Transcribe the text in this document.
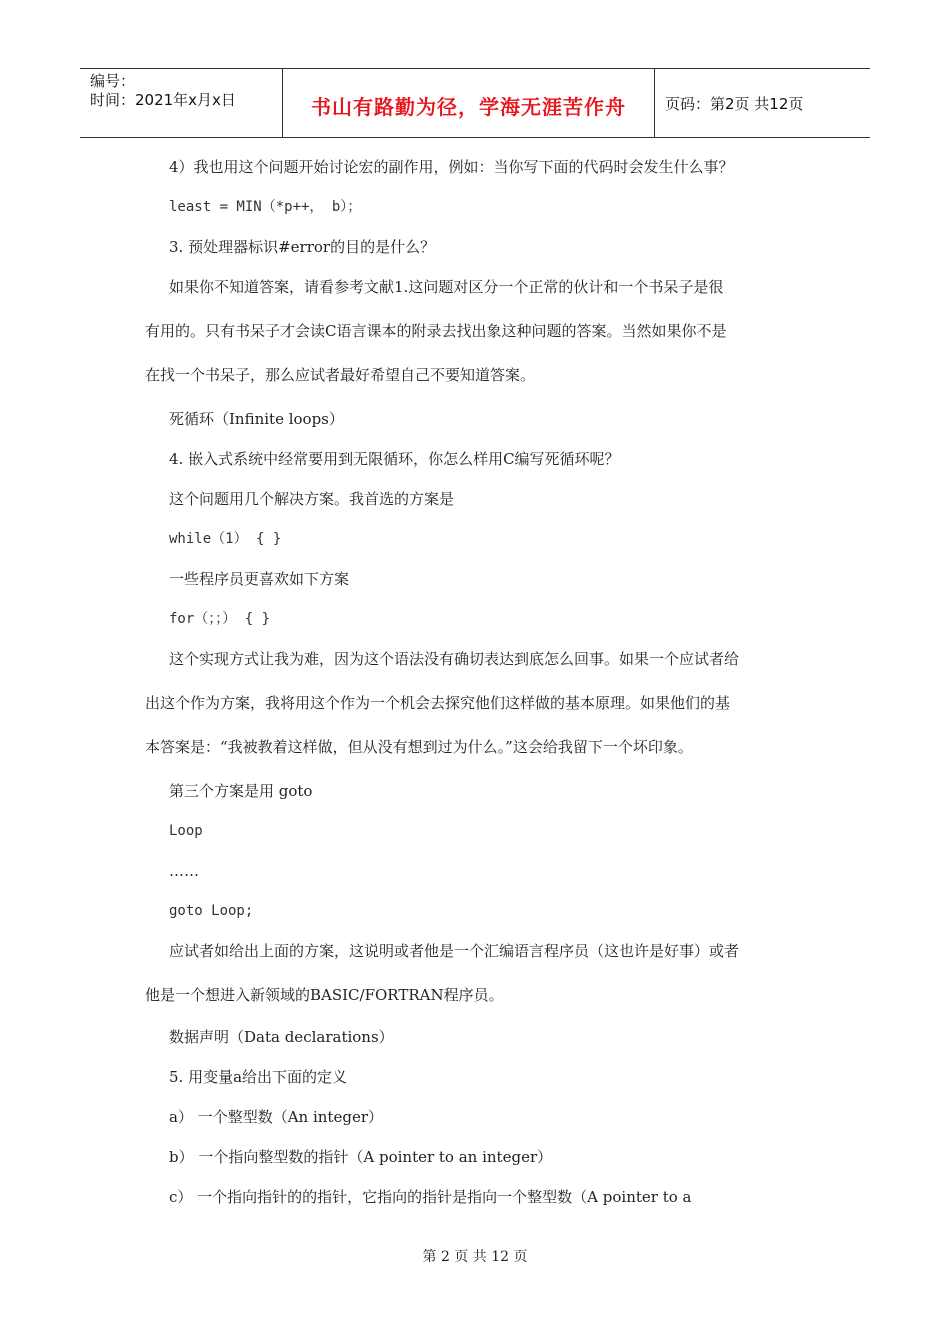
编号：
时间：2021年x月x日	书山有路勤为径，学海无涯苦作舟	页码：第2页 共12页
4）我也用这个问题开始讨论宏的副作用，例如：当你写下面的代码时会发生什么事？
least = MIN（*p++， b）；
3. 预处理器标识#error的目的是什么？
如果你不知道答案，请看参考文献1.这问题对区分一个正常的伙计和一个书呆子是很
有用的。只有书呆子才会读C语言课本的附录去找出象这种问题的答案。当然如果你不是
在找一个书呆子，那么应试者最好希望自己不要知道答案。
死循环（Infinite loops）
4. 嵌入式系统中经常要用到无限循环，你怎么样用C编写死循环呢？
这个问题用几个解决方案。我首选的方案是
while（1） { }
一些程序员更喜欢如下方案
for（；；） { }
这个实现方式让我为难，因为这个语法没有确切表达到底怎么回事。如果一个应试者给
出这个作为方案，我将用这个作为一个机会去探究他们这样做的基本原理。如果他们的基
本答案是：“我被教着这样做，但从没有想到过为什么。”这会给我留下一个坏印象。
第三个方案是用 goto
Loop
……
goto Loop;
应试者如给出上面的方案，这说明或者他是一个汇编语言程序员（这也许是好事）或者
他是一个想进入新领域的BASIC/FORTRAN程序员。
数据声明（Data declarations）
5. 用变量a给出下面的定义
a） 一个整型数（An integer）
b） 一个指向整型数的指针（A pointer to an integer）
c） 一个指向指针的的指针，它指向的指针是指向一个整型数（A pointer to a
第 2 页 共 12 页
